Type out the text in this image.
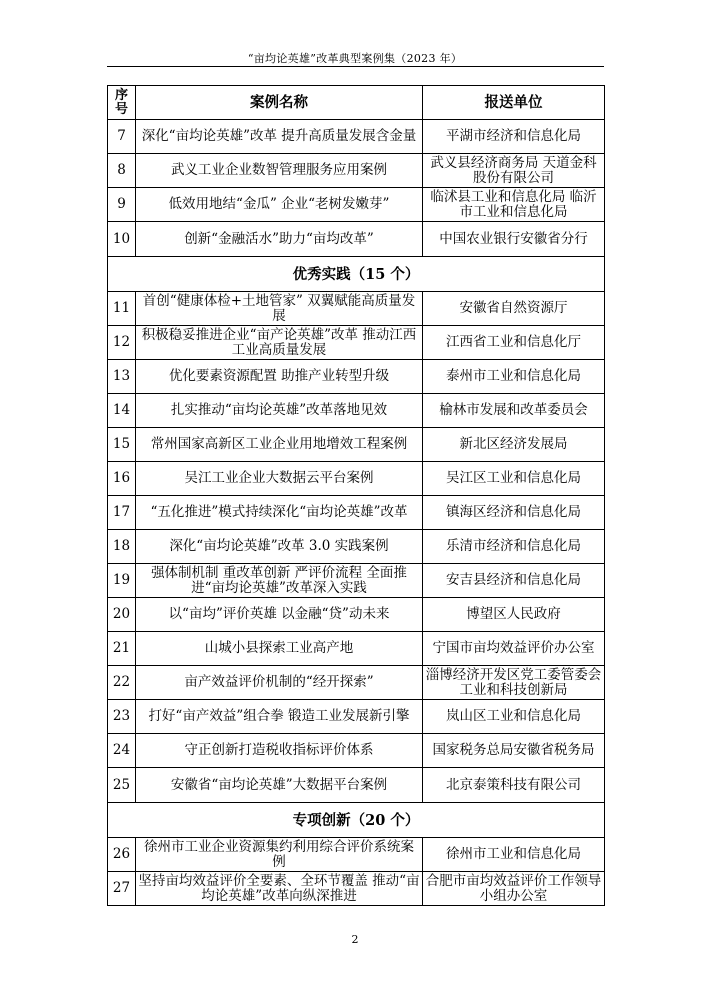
“亩均论英雄”改革典型案例集（2023 年）
序号	案例名称	报送单位
7	深化“亩均论英雄”改革 提升高质量发展含金量	平湖市经济和信息化局
8	武义工业企业数智管理服务应用案例	武义县经济商务局 天道金科股份有限公司
9	低效用地结“金瓜” 企业“老树发嫩芽”	临沭县工业和信息化局 临沂市工业和信息化局
10	创新“金融活水”助力“亩均改革”	中国农业银行安徽省分行
优秀实践（15 个）		
11	首创“健康体检+土地管家” 双翼赋能高质量发展	安徽省自然资源厅
12	积极稳妥推进企业“亩产论英雄”改革 推动江西工业高质量发展	江西省工业和信息化厅
13	优化要素资源配置 助推产业转型升级	泰州市工业和信息化局
14	扎实推动“亩均论英雄”改革落地见效	榆林市发展和改革委员会
15	常州国家高新区工业企业用地增效工程案例	新北区经济发展局
16	吴江工业企业大数据云平台案例	吴江区工业和信息化局
17	“五化推进”模式持续深化“亩均论英雄”改革	镇海区经济和信息化局
18	深化“亩均论英雄”改革 3.0 实践案例	乐清市经济和信息化局
19	强体制机制 重改革创新 严评价流程 全面推进“亩均论英雄”改革深入实践	安吉县经济和信息化局
20	以“亩均”评价英雄 以金融“贷”动未来	博望区人民政府
21	山城小县探索工业高产地	宁国市亩均效益评价办公室
22	亩产效益评价机制的“经开探索”	淄博经济开发区党工委管委会工业和科技创新局
23	打好“亩产效益”组合拳 锻造工业发展新引擎	岚山区工业和信息化局
24	守正创新打造税收指标评价体系	国家税务总局安徽省税务局
25	安徽省“亩均论英雄”大数据平台案例	北京泰策科技有限公司
专项创新（20 个）		
26	徐州市工业企业资源集约利用综合评价系统案例	徐州市工业和信息化局
27	坚持亩均效益评价全要素、全环节覆盖 推动“亩均论英雄”改革向纵深推进	合肥市亩均效益评价工作领导小组办公室
2
